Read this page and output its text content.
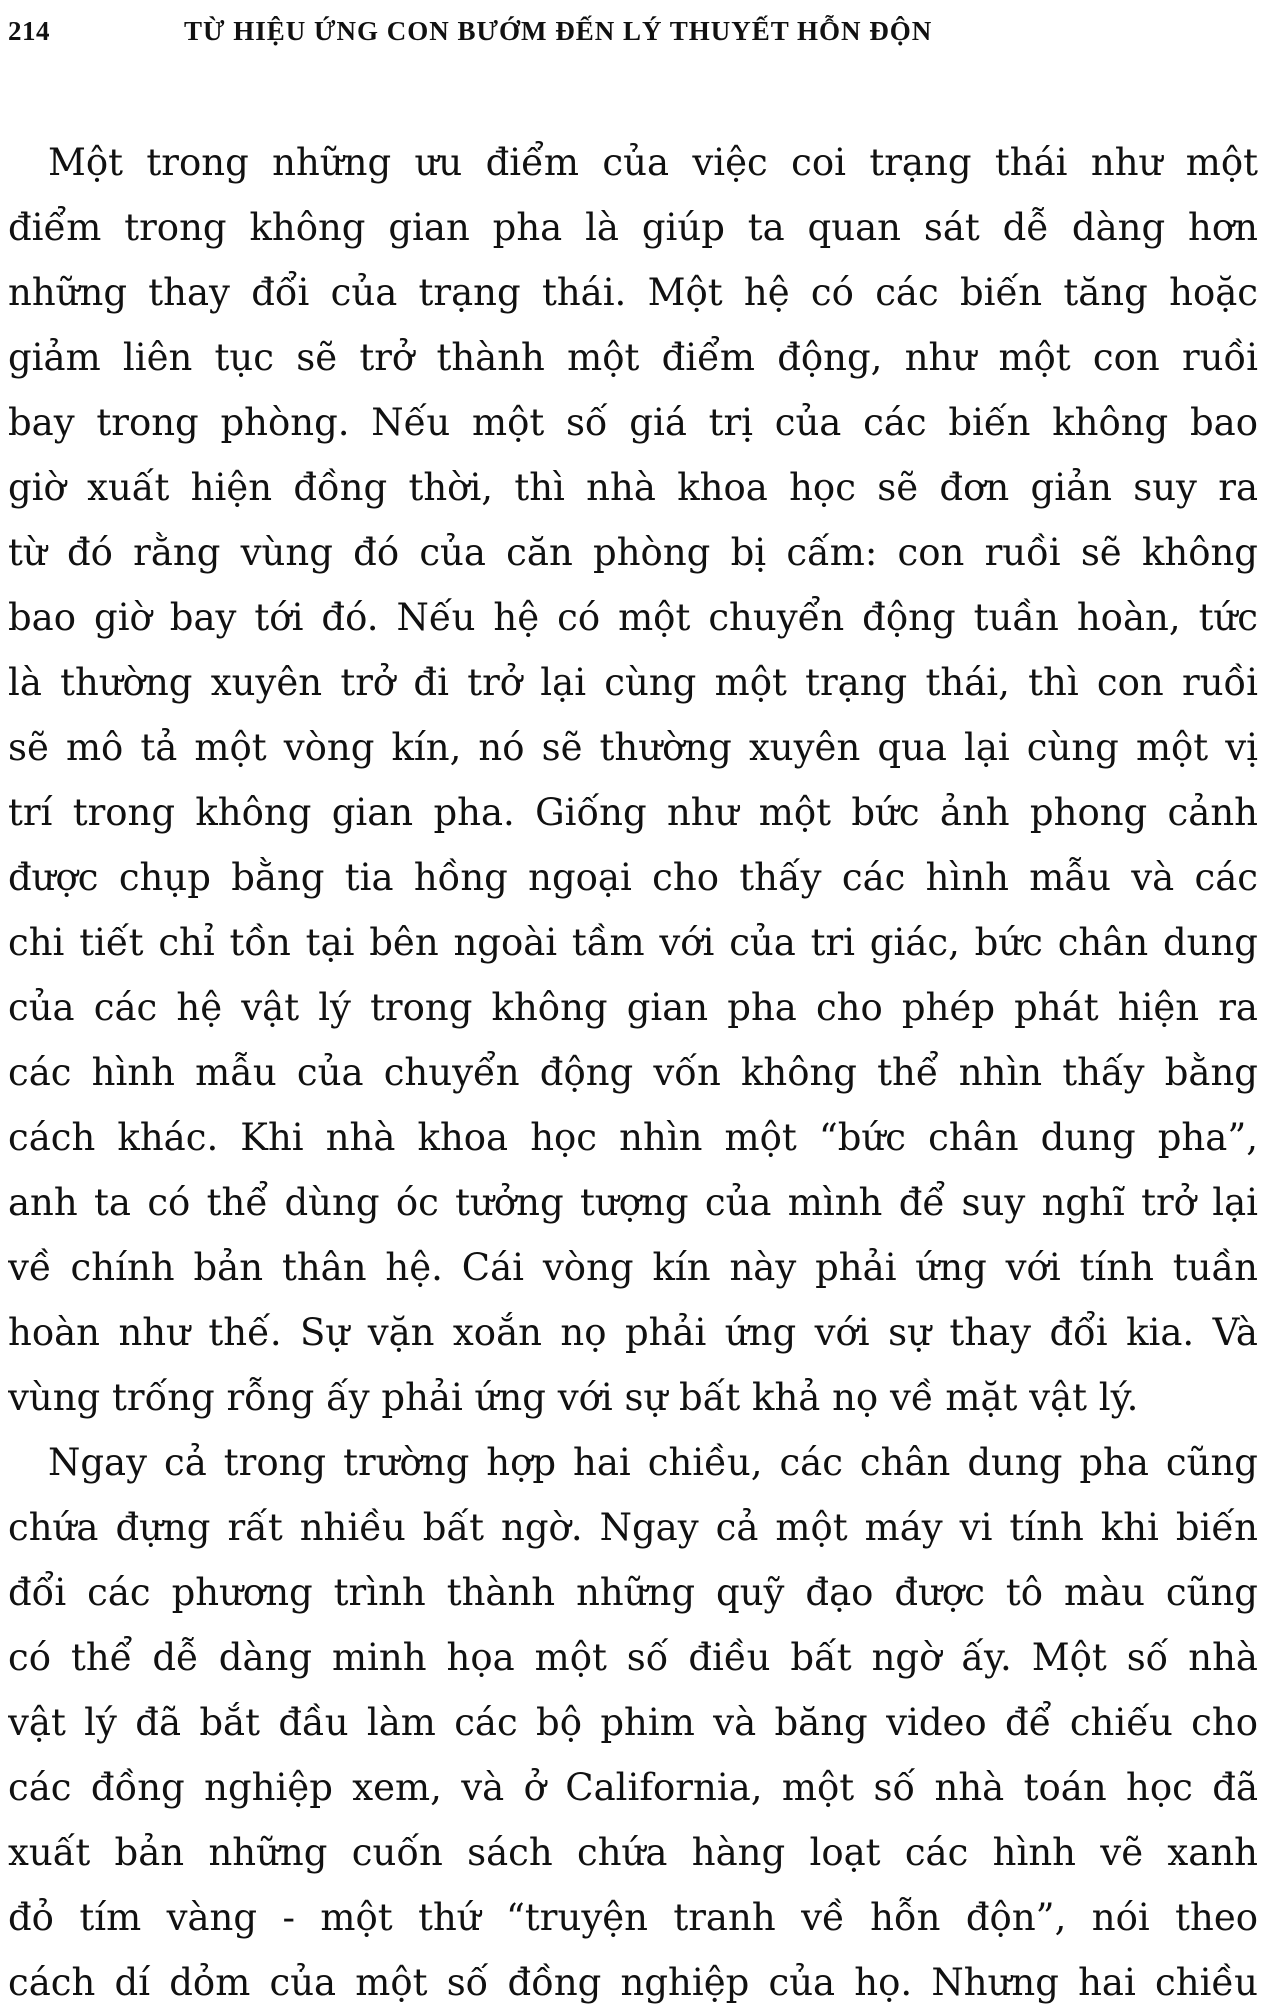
214	TỪ HIỆU ỨNG CON BƯỚM ĐẾN LÝ THUYẾT HỖN ĐỘN
Một trong những ưu điểm của việc coi trạng thái như một
điểm trong không gian pha là giúp ta quan sát dễ dàng hơn
những thay đổi của trạng thái. Một hệ có các biến tăng hoặc
giảm liên tục sẽ trở thành một điểm động, như một con ruồi
bay trong phòng. Nếu một số giá trị của các biến không bao
giờ xuất hiện đồng thời, thì nhà khoa học sẽ đơn giản suy ra
từ đó rằng vùng đó của căn phòng bị cấm: con ruồi sẽ không
bao giờ bay tới đó. Nếu hệ có một chuyển động tuần hoàn, tức
là thường xuyên trở đi trở lại cùng một trạng thái, thì con ruồi
sẽ mô tả một vòng kín, nó sẽ thường xuyên qua lại cùng một vị
trí trong không gian pha. Giống như một bức ảnh phong cảnh
được chụp bằng tia hồng ngoại cho thấy các hình mẫu và các
chi tiết chỉ tồn tại bên ngoài tầm với của tri giác, bức chân dung
của các hệ vật lý trong không gian pha cho phép phát hiện ra
các hình mẫu của chuyển động vốn không thể nhìn thấy bằng
cách khác. Khi nhà khoa học nhìn một “bức chân dung pha”,
anh ta có thể dùng óc tưởng tượng của mình để suy nghĩ trở lại
về chính bản thân hệ. Cái vòng kín này phải ứng với tính tuần
hoàn như thế. Sự vặn xoắn nọ phải ứng với sự thay đổi kia. Và
vùng trống rỗng ấy phải ứng với sự bất khả nọ về mặt vật lý.
Ngay cả trong trường hợp hai chiều, các chân dung pha cũng
chứa đựng rất nhiều bất ngờ. Ngay cả một máy vi tính khi biến
đổi các phương trình thành những quỹ đạo được tô màu cũng
có thể dễ dàng minh họa một số điều bất ngờ ấy. Một số nhà
vật lý đã bắt đầu làm các bộ phim và băng video để chiếu cho
các đồng nghiệp xem, và ở California, một số nhà toán học đã
xuất bản những cuốn sách chứa hàng loạt các hình vẽ xanh
đỏ tím vàng - một thứ “truyện tranh về hỗn độn”, nói theo
cách dí dỏm của một số đồng nghiệp của họ. Nhưng hai chiều
